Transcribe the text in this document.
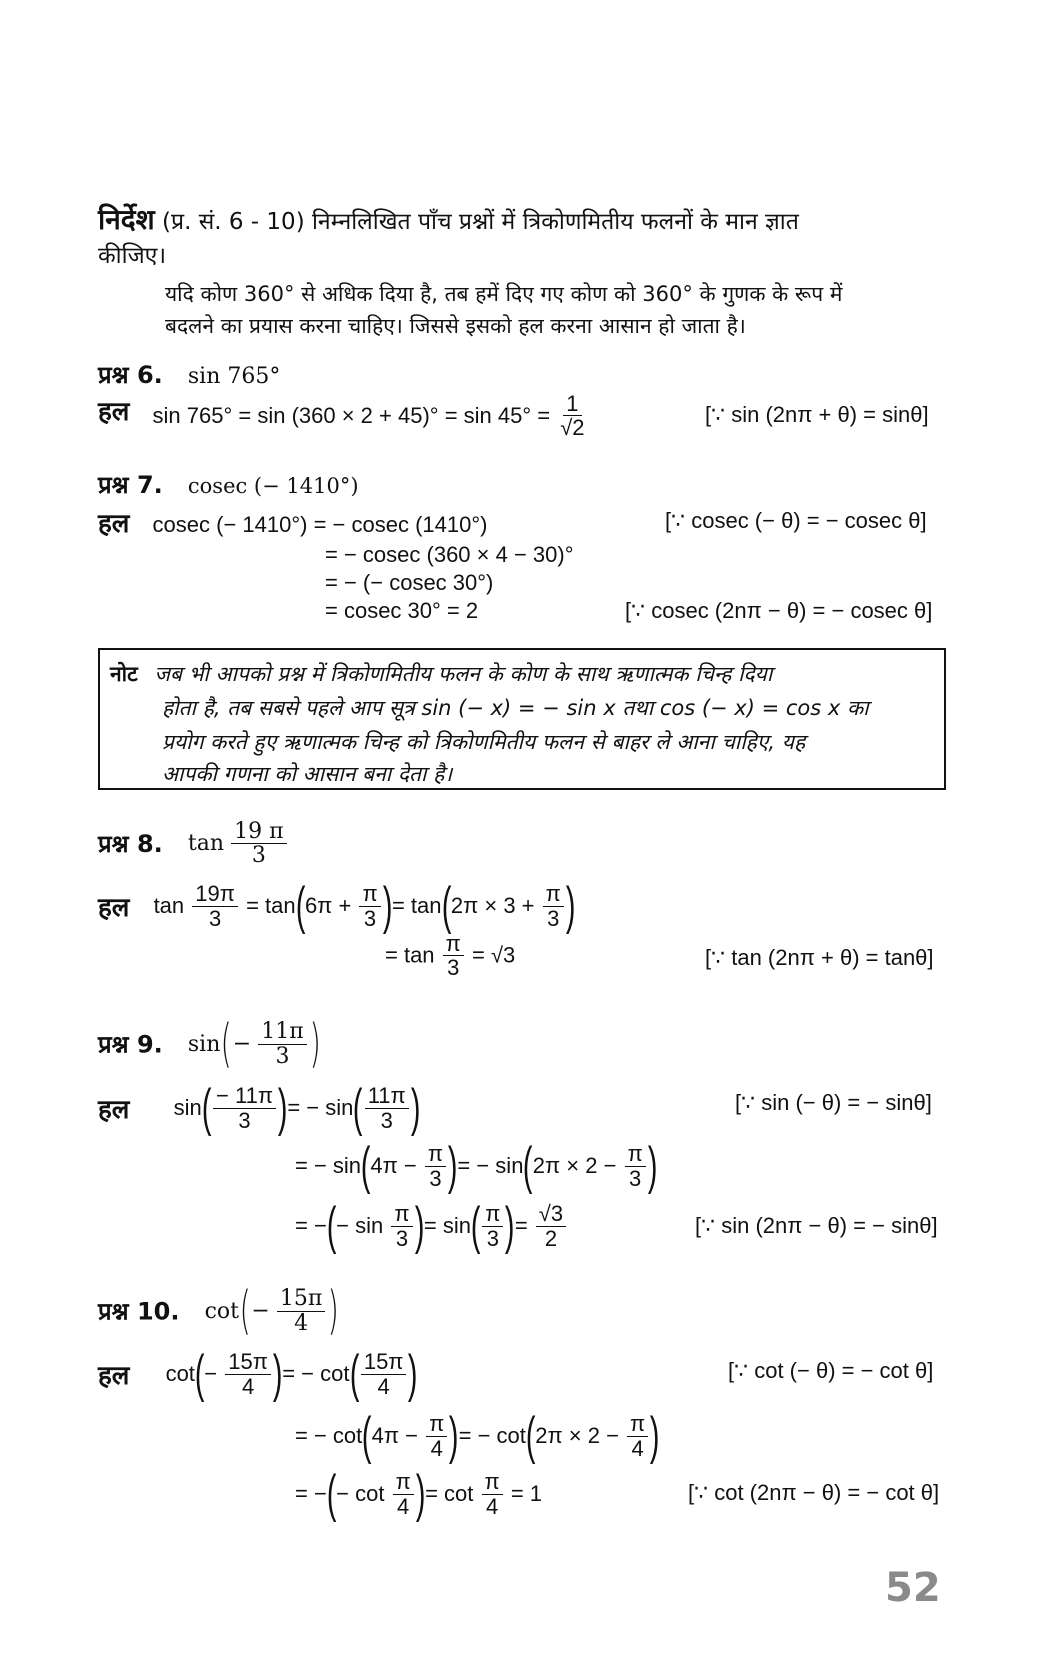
निर्देश (प्र. सं. 6 - 10) निम्नलिखित पाँच प्रश्नों में त्रिकोणमितीय फलनों के मान ज्ञात
कीजिए।
यदि कोण 360° से अधिक दिया है, तब हमें दिए गए कोण को 360° के गुणक के रूप में
बदलने का प्रयास करना चाहिए। जिससे इसको हल करना आसान हो जाता है।
प्रश्न 6. sin 765°
हल $\sin 765^\circ = \sin (360 \times 2 + 45)^\circ = \sin 45^\circ = \frac{1}{√2}$	[∵ sin (2nπ + θ) = sinθ]
प्रश्न 7. cosec (− 1410°)
हल cosec (− 1410°) = − cosec (1410°)	[∵ cosec (− θ) = − cosec θ]
= − cosec (360 × 4 − 30)°
= − (− cosec 30°)
= cosec 30° = 2	[∵ cosec (2nπ − θ) = − cosec θ]
नोट जब भी आपको प्रश्न में त्रिकोणमितीय फलन के कोण के साथ ऋणात्मक चिन्ह दिया
होता है, तब सबसे पहले आप सूत्र sin (− x) = − sin x तथा cos (− x) = cos x का
प्रयोग करते हुए ऋणात्मक चिन्ह को त्रिकोणमितीय फलन से बाहर ले आना चाहिए, यह
आपकी गणना को आसान बना देता है।
प्रश्न 8. $\tan \frac{19 \pi}{3}$
हल $\tan \frac{19\pi}{3} = \tan(6\pi + \frac{\pi}{3}$ )= $\tan(2\pi \times 3 + \frac{\pi}{3}$ )
= $\tan \frac{\pi}{3} = √3$	[∵ tan (2nπ + θ) = tanθ]
प्रश्न 9. $\sin(- \frac{11\pi}{3}$ )
हल $\sin( \frac{- 11\pi}{3}$ )= − $\sin( \frac{11\pi}{3}$ )	[∵ sin (− θ) = − sinθ]
= − $\sin(4\pi - \frac{\pi}{3}$ )= − $\sin(2\pi \times 2 - \frac{\pi}{3}$ )
= −(− $\sin \frac{\pi}{3}$ )= $\sin( \frac{\pi}{3}$ )= $\frac{√3}{2}$	[∵ sin (2nπ − θ) = − sinθ]
प्रश्न 10. $\cot(- \frac{15\pi}{4}$ )
हल $\cot(- \frac{15\pi}{4}$ )= − $\cot( \frac{15\pi}{4}$ )	[∵ cot (− θ) = − cot θ]
= − $\cot(4\pi - \frac{\pi}{4}$ )= − $\cot(2\pi \times 2 - \frac{\pi}{4}$ )
= −(− $\cot \frac{\pi}{4}$ )= $\cot \frac{\pi}{4} = 1$	[∵ cot (2nπ − θ) = − cot θ]
52
